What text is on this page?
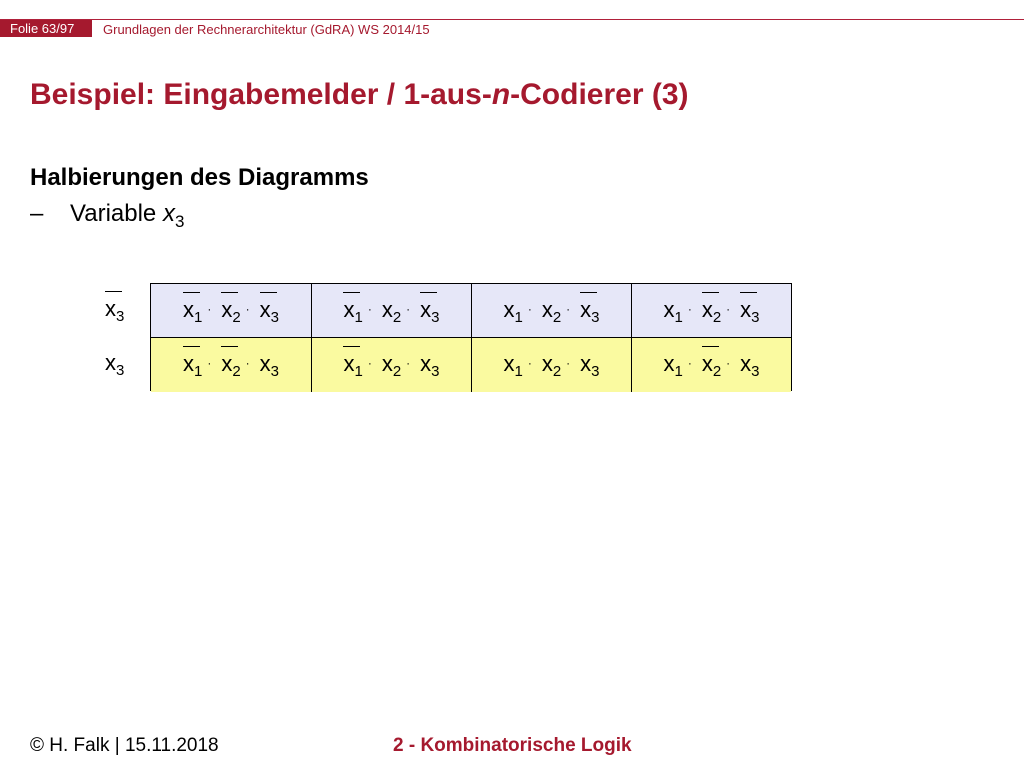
Folie 63/97	Grundlagen der Rechnerarchitektur (GdRA) WS 2014/15
Beispiel: Eingabemelder / 1-aus-n-Codierer (3)
Halbierungen des Diagramms
– Variable $x_3$
$x_3$	$x_1 \cdot x_2 \cdot x_3$	$x_1 \cdot x_2 \cdot x_3$	$x_1 \cdot x_2 \cdot x_3$	$x_1 \cdot x_2 \cdot x_3$
$x_3$	$x_1 \cdot x_2 \cdot x_3$	$x_1 \cdot x_2 \cdot x_3$	$x_1 \cdot x_2 \cdot x_3$	$x_1 \cdot x_2 \cdot x_3$
© H. Falk | 15.11.2018	2 - Kombinatorische Logik
